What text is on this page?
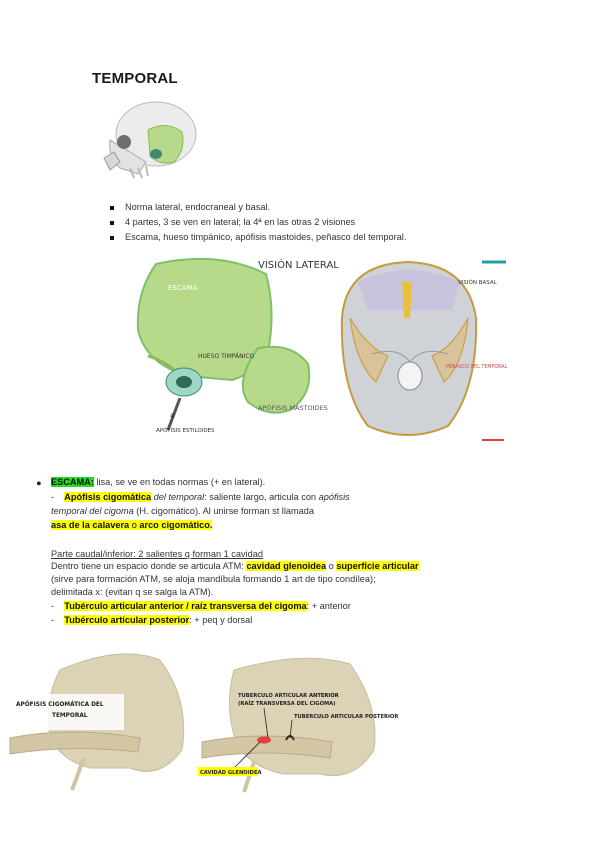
TEMPORAL
Norma lateral, endocraneal y basal.
4 partes, 3 se ven en lateral; la 4ª en las otras 2 visiones
Escama, hueso timpánico, apófisis mastoides, peñasco del temporal.
VISIÓN LATERAL
ESCAMA
HUESO TIMPÁNICO
APÓFISIS MASTOIDES
4
APÓFISIS ESTILOIDES
VISIÓN BASAL
PEÑASCO DEL TEMPORAL
● ESCAMA: lisa, se ve en todas normas (+ en lateral).
- Apófisis cigomática del temporal: saliente largo, articula con apófisis
temporal del cigoma (H. cigomático). Al unirse forman st llamada
asa de la calavera o arco cigomático.
Parte caudal/inferior: 2 salientes q forman 1 cavidad
Dentro tiene un espacio donde se articula ATM: cavidad glenoidea o superficie articular
(sirve para formación ATM, se aloja mandíbula formando 1 art de tipo condílea);
delimitada x: (evitan q se salga la ATM).
- Tubérculo articular anterior / raíz transversa del cigoma: + anterior
- Tubérculo articular posterior: + peq y dorsal
APÓFISIS CIGOMÁTICA DEL
TEMPORAL
TUBERCULO ARTICULAR ANTERIOR
(RAÍZ TRANSVERSA DEL CIGOMA)
TUBERCULO ARTICULAR POSTERIOR
CAVIDAD GLENOIDEA
